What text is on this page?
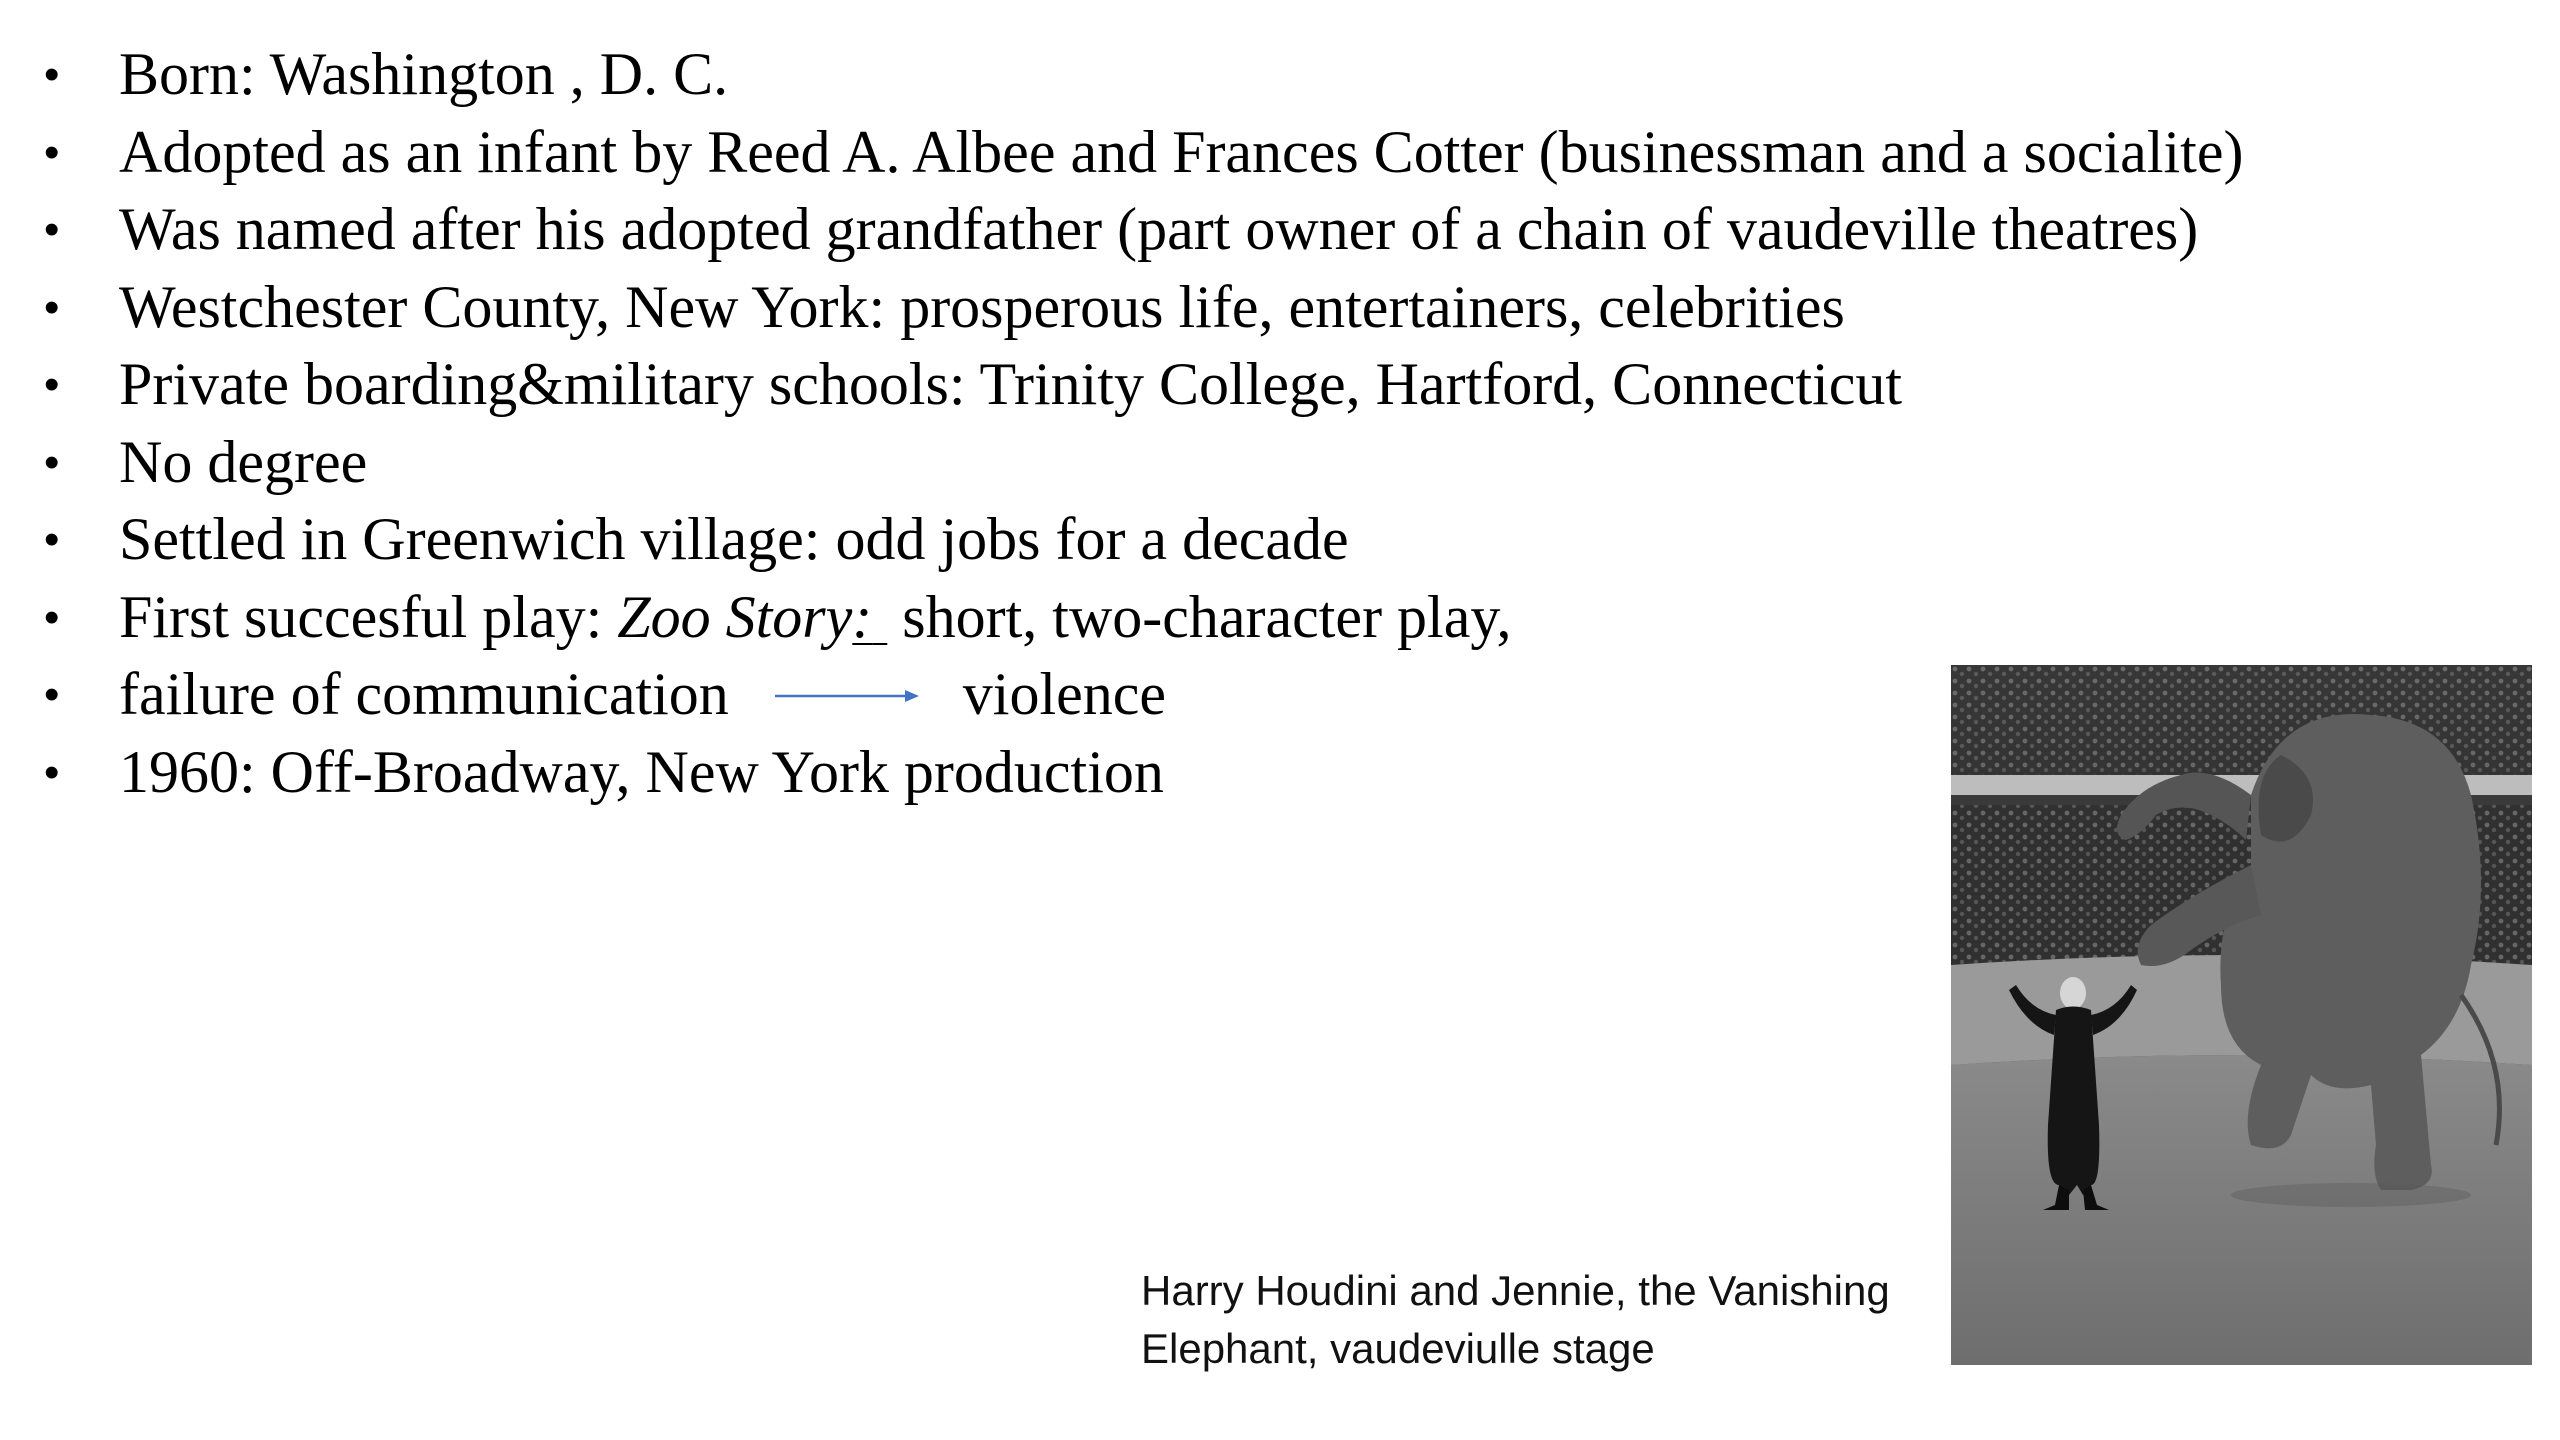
• Born: Washington , D. C.
• Adopted as an infant by Reed A. Albee and Frances Cotter (businessman and a socialite)
• Was named after his adopted grandfather (part owner of a chain of vaudeville theatres)
• Westchester County, New York: prosperous life, entertainers, celebrities
• Private boarding&military schools: Trinity College, Hartford, Connecticut
• No degree
• Settled in Greenwich village: odd jobs for a decade
• First succesful play: Zoo Story:  short, two-character play,
• failure of communication	violence
• 1960: Off-Broadway, New York production
Harry Houdini and Jennie, the Vanishing
Elephant, vaudeviulle stage
